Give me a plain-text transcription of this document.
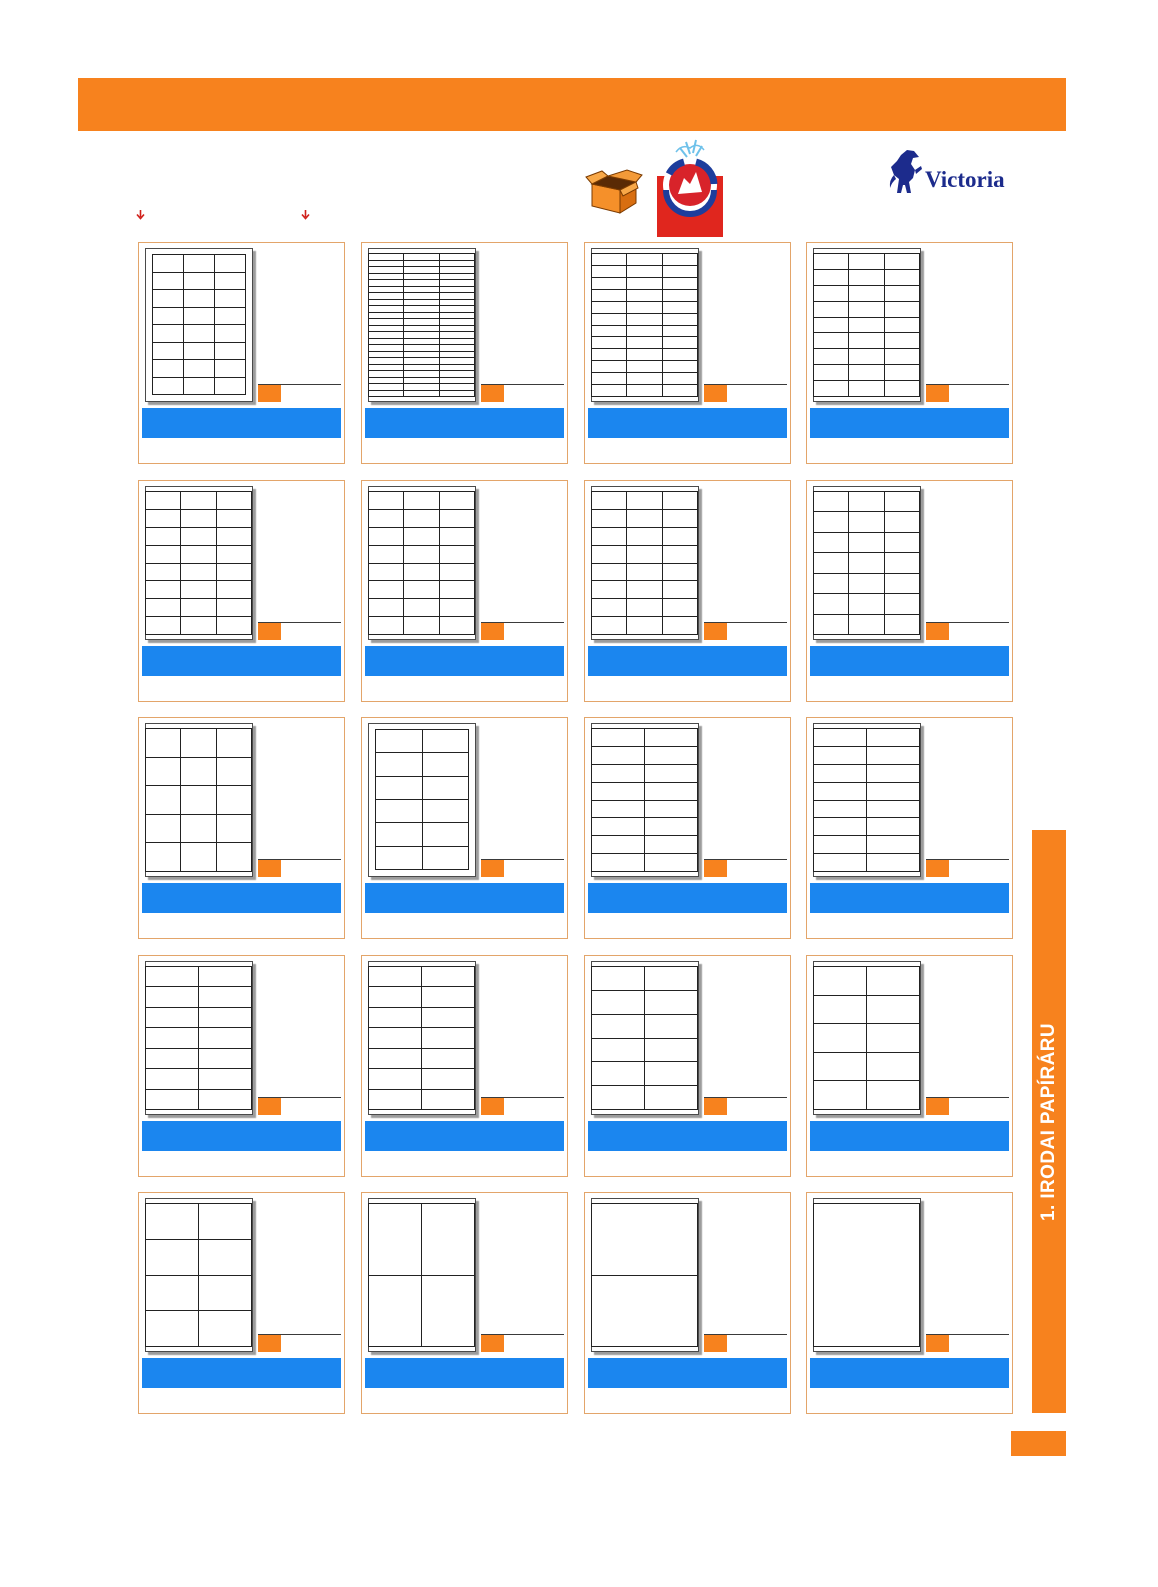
Victoria
1. IRODAI PAPÍRÁRU
